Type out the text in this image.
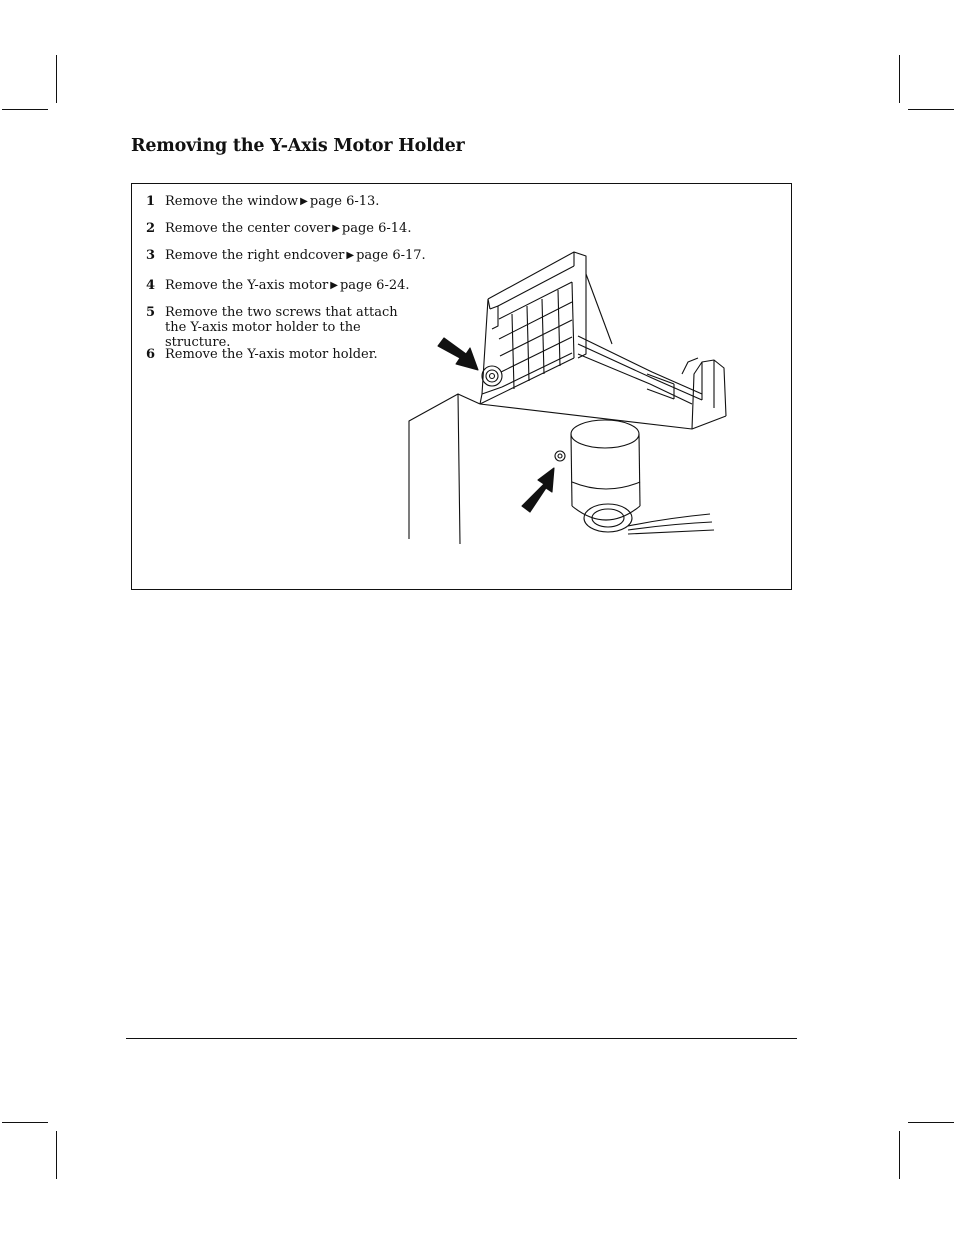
Removing the Y-Axis Motor Holder
1 Remove the window ▶ page 6-13.
2 Remove the center cover ▶ page 6-14.
3 Remove the right endcover ▶ page 6-17.
4 Remove the Y-axis motor ▶ page 6-24.
5 Remove the two screws that attach the Y-axis motor holder to the structure.
6 Remove the Y-axis motor holder.
